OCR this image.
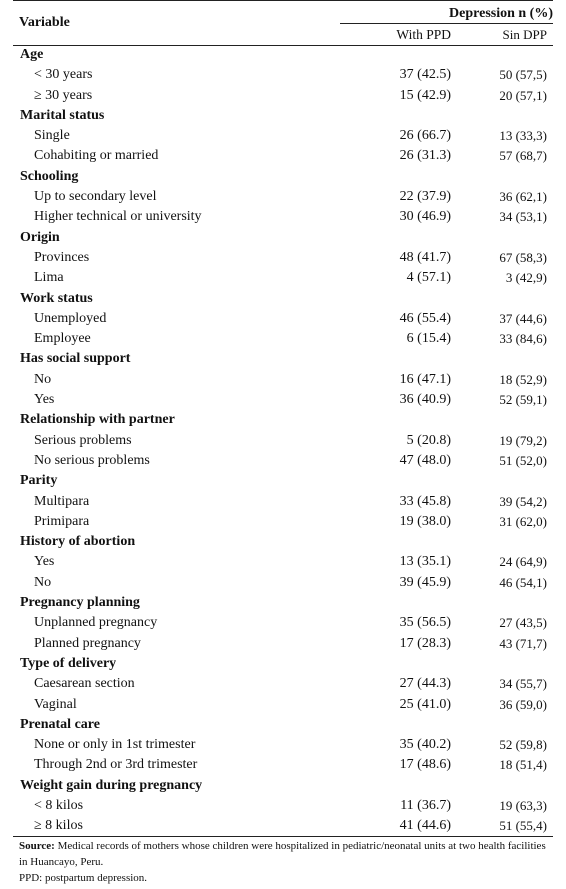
Variable
Depression n (%)
With PPD	Sin DPP
Age
< 30 years	37 (42.5)	50 (57,5)
≥ 30 years	15 (42.9)	20 (57,1)
Marital status
Single	26 (66.7)	13 (33,3)
Cohabiting or married	26 (31.3)	57 (68,7)
Schooling
Up to secondary level	22 (37.9)	36 (62,1)
Higher technical or university	30 (46.9)	34 (53,1)
Origin
Provinces	48 (41.7)	67 (58,3)
Lima	4 (57.1)	3 (42,9)
Work status
Unemployed	46 (55.4)	37 (44,6)
Employee	6 (15.4)	33 (84,6)
Has social support
No	16 (47.1)	18 (52,9)
Yes	36 (40.9)	52 (59,1)
Relationship with partner
Serious problems	5 (20.8)	19 (79,2)
No serious problems	47 (48.0)	51 (52,0)
Parity
Multipara	33 (45.8)	39 (54,2)
Primipara	19 (38.0)	31 (62,0)
History of abortion
Yes	13 (35.1)	24 (64,9)
No	39 (45.9)	46 (54,1)
Pregnancy planning
Unplanned pregnancy	35 (56.5)	27 (43,5)
Planned pregnancy	17 (28.3)	43 (71,7)
Type of delivery
Caesarean section	27 (44.3)	34 (55,7)
Vaginal	25 (41.0)	36 (59,0)
Prenatal care
None or only in 1st trimester	35 (40.2)	52 (59,8)
Through 2nd or 3rd trimester	17 (48.6)	18 (51,4)
Weight gain during pregnancy
< 8 kilos	11 (36.7)	19 (63,3)
≥ 8 kilos	41 (44.6)	51 (55,4)
Source: Medical records of mothers whose children were hospitalized in pediatric/neonatal units at two health facilities in Huancayo, Peru.
PPD: postpartum depression.
